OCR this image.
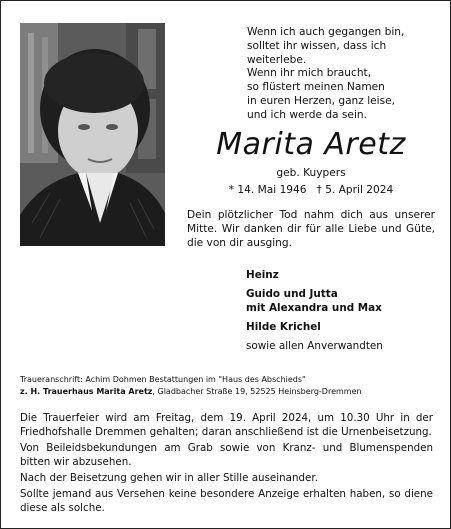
Wenn ich auch gegangen bin,
solltet ihr wissen, dass ich
weiterlebe.
Wenn ihr mich braucht,
so flüstert meinen Namen
in euren Herzen, ganz leise,
und ich werde da sein.
Marita Aretz
geb. Kuypers
* 14. Mai 1946 † 5. April 2024
Dein plötzlicher Tod nahm dich aus unserer
Mitte. Wir danken dir für alle Liebe und Güte,
die von dir ausging.
Heinz
Guido und Jutta
mit Alexandra und Max
Hilde Krichel
sowie allen Anverwandten
Traueranschrift: Achim Dohmen Bestattungen im "Haus des Abschieds"
z. H. Trauerhaus Marita Aretz, Gladbacher Straße 19, 52525 Heinsberg-Dremmen
Die Trauerfeier wird am Freitag, dem 19. April 2024, um 10.30 Uhr in der
Friedhofshalle Dremmen gehalten; daran anschließend ist die Urnenbeisetzung.
Von Beileidsbekundungen am Grab sowie von Kranz- und Blumenspenden
bitten wir abzusehen.
Nach der Beisetzung gehen wir in aller Stille auseinander.
Sollte jemand aus Versehen keine besondere Anzeige erhalten haben, so diene
diese als solche.
